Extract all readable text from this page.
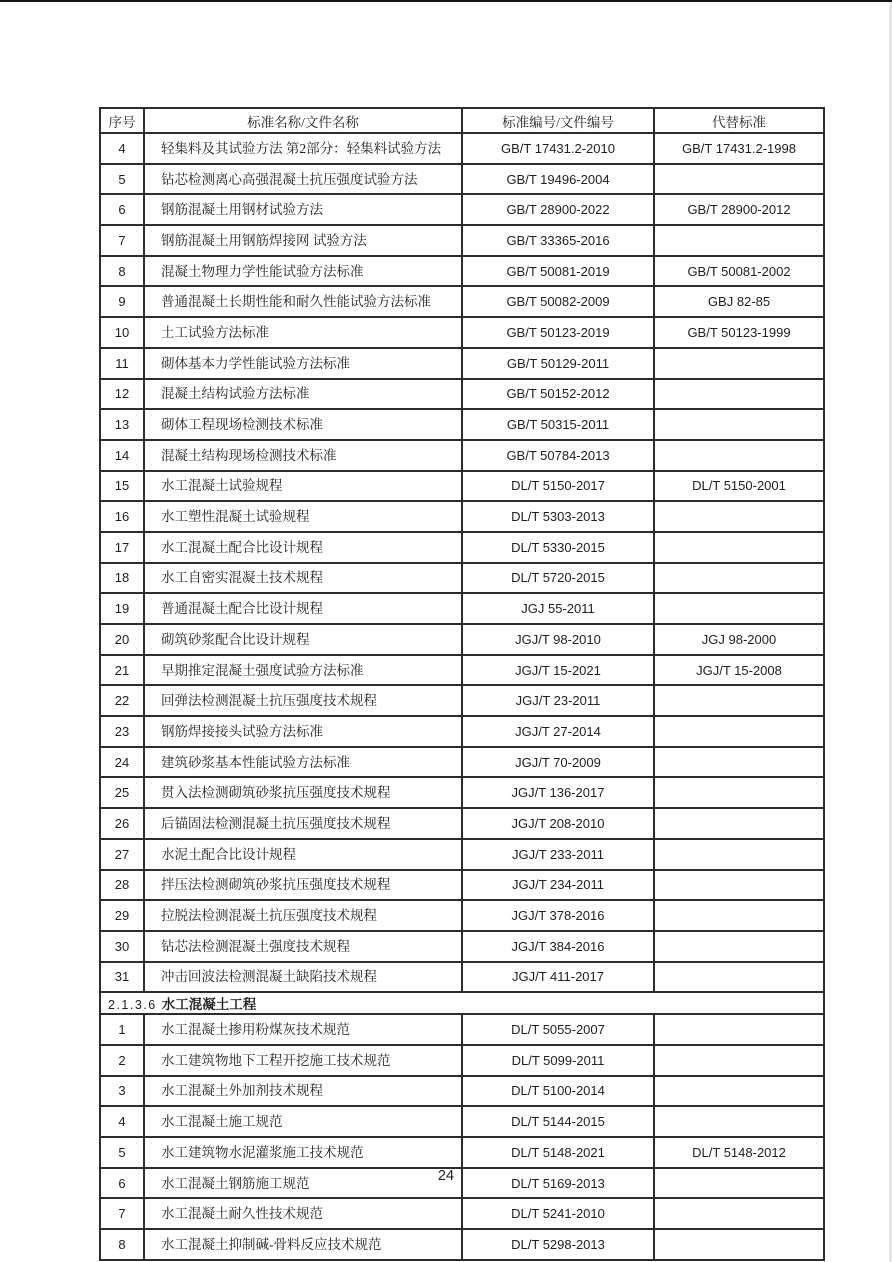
序号	标准名称/文件名称	标准编号/文件编号	代替标准
4	轻集料及其试验方法 第2部分：轻集料试验方法	GB/T 17431.2-2010	GB/T 17431.2-1998
5	钻芯检测离心高强混凝土抗压强度试验方法	GB/T 19496-2004	
6	钢筋混凝土用钢材试验方法	GB/T 28900-2022	GB/T 28900-2012
7	钢筋混凝土用钢筋焊接网 试验方法	GB/T 33365-2016	
8	混凝土物理力学性能试验方法标准	GB/T 50081-2019	GB/T 50081-2002
9	普通混凝土长期性能和耐久性能试验方法标准	GB/T 50082-2009	GBJ 82-85
10	土工试验方法标准	GB/T 50123-2019	GB/T 50123-1999
11	砌体基本力学性能试验方法标准	GB/T 50129-2011	
12	混凝土结构试验方法标准	GB/T 50152-2012	
13	砌体工程现场检测技术标准	GB/T 50315-2011	
14	混凝土结构现场检测技术标准	GB/T 50784-2013	
15	水工混凝土试验规程	DL/T 5150-2017	DL/T 5150-2001
16	水工塑性混凝土试验规程	DL/T 5303-2013	
17	水工混凝土配合比设计规程	DL/T 5330-2015	
18	水工自密实混凝土技术规程	DL/T 5720-2015	
19	普通混凝土配合比设计规程	JGJ 55-2011	
20	砌筑砂浆配合比设计规程	JGJ/T 98-2010	JGJ 98-2000
21	早期推定混凝土强度试验方法标准	JGJ/T 15-2021	JGJ/T 15-2008
22	回弹法检测混凝土抗压强度技术规程	JGJ/T 23-2011	
23	钢筋焊接接头试验方法标准	JGJ/T 27-2014	
24	建筑砂浆基本性能试验方法标准	JGJ/T 70-2009	
25	贯入法检测砌筑砂浆抗压强度技术规程	JGJ/T 136-2017	
26	后锚固法检测混凝土抗压强度技术规程	JGJ/T 208-2010	
27	水泥土配合比设计规程	JGJ/T 233-2011	
28	拌压法检测砌筑砂浆抗压强度技术规程	JGJ/T 234-2011	
29	拉脱法检测混凝土抗压强度技术规程	JGJ/T 378-2016	
30	钻芯法检测混凝土强度技术规程	JGJ/T 384-2016	
31	冲击回波法检测混凝土缺陷技术规程	JGJ/T 411-2017	
2.1.3.6 水工混凝土工程			
1	水工混凝土掺用粉煤灰技术规范	DL/T 5055-2007	
2	水工建筑物地下工程开挖施工技术规范	DL/T 5099-2011	
3	水工混凝土外加剂技术规程	DL/T 5100-2014	
4	水工混凝土施工规范	DL/T 5144-2015	
5	水工建筑物水泥灌浆施工技术规范	DL/T 5148-2021	DL/T 5148-2012
6	水工混凝土钢筋施工规范	DL/T 5169-2013	
7	水工混凝土耐久性技术规范	DL/T 5241-2010	
8	水工混凝土抑制碱-骨料反应技术规范	DL/T 5298-2013	
24
